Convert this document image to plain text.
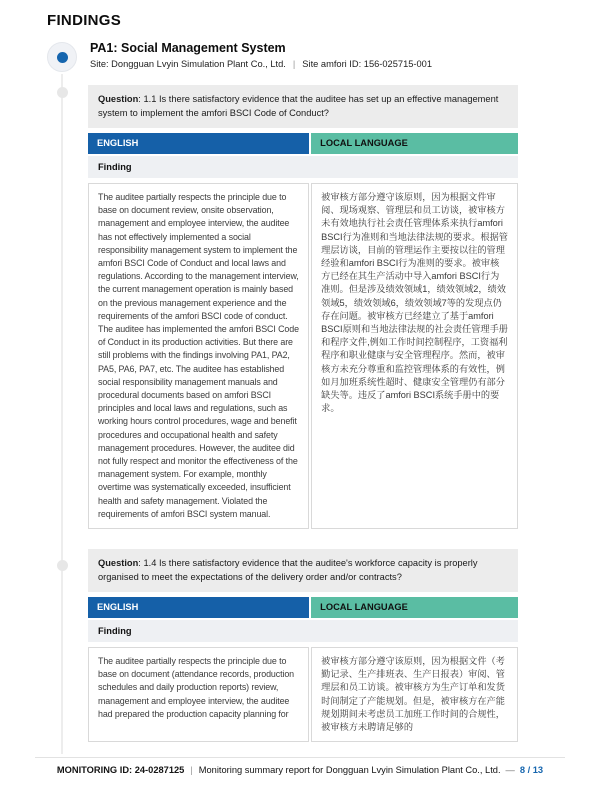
FINDINGS
PA1: Social Management System
Site: Dongguan Lvyin Simulation Plant Co., Ltd. | Site amfori ID: 156-025715-001
Question: 1.1 Is there satisfactory evidence that the auditee has set up an effective management system to implement the amfori BSCI Code of Conduct?
ENGLISH	LOCAL LANGUAGE
Finding
The auditee partially respects the principle due to base on document review, onsite observation, management and employee interview, the auditee has not effectively implemented a social responsibility management system to implement the amfori BSCI Code of Conduct and local laws and regulations. According to the management interview, the current management operation is mainly based on the previous management experience and the requirements of the amfori BSCI code of conduct. The auditee has implemented the amfori BSCI Code of Conduct in its production activities. But there are still problems with the findings involving PA1, PA2, PA5, PA6, PA7, etc. The auditee has established social responsibility management manuals and procedural documents based on amfori BSCI principles and local laws and regulations, such as working hours control procedures, wage and benefit procedures and occupational health and safety management procedures. However, the auditee did not fully respect and monitor the effectiveness of the management system. For example, monthly overtime was systematically exceeded, insufficient health and safety management. Violated the requirements of amfori BSCI system manual.
被审核方部分遵守该原则，因为根据文件审阅、现场观察、管理层和员工访谈，被审核方未有效地执行社会责任管理体系来执行amfori BSCI行为准则和当地法律法规的要求。根据管理层访谈，目前的管理运作主要按以往的管理经验和amfori BSCI行为准则的要求。被审核方已经在其生产活动中导入amfori BSCI行为准则。但是涉及绩效领域1，绩效领域2，绩效领域5，绩效领域6，绩效领域7等的发现点仍存在问题。被审核方已经建立了基于amfori BSCI原则和当地法律法规的社会责任管理手册和程序文件,例如工作时间控制程序，工资福利程序和职业健康与安全管理程序。然而，被审核方未充分尊重和监控管理体系的有效性，例如月加班系统性超时、健康安全管理仍有部分缺失等。违反了amfori BSCI系统手册中的要求。
Question: 1.4 Is there satisfactory evidence that the auditee's workforce capacity is properly organised to meet the expectations of the delivery order and/or contracts?
ENGLISH	LOCAL LANGUAGE
Finding
The auditee partially respects the principle due to base on document (attendance records, production schedules and daily production reports) review, management and employee interview, the auditee had prepared the production capacity planning for
被审核方部分遵守该原则，因为根据文件（考勤记录、生产排班表、生产日报表）审阅、管理层和员工访谈。被审核方为生产订单和发货时间制定了产能规划。但是，被审核方在产能规划期间未考虑员工加班工作时间的合规性，被审核方未聘请足够的
MONITORING ID: 24-0287125 | Monitoring summary report for Dongguan Lvyin Simulation Plant Co., Ltd. — 8 / 13
